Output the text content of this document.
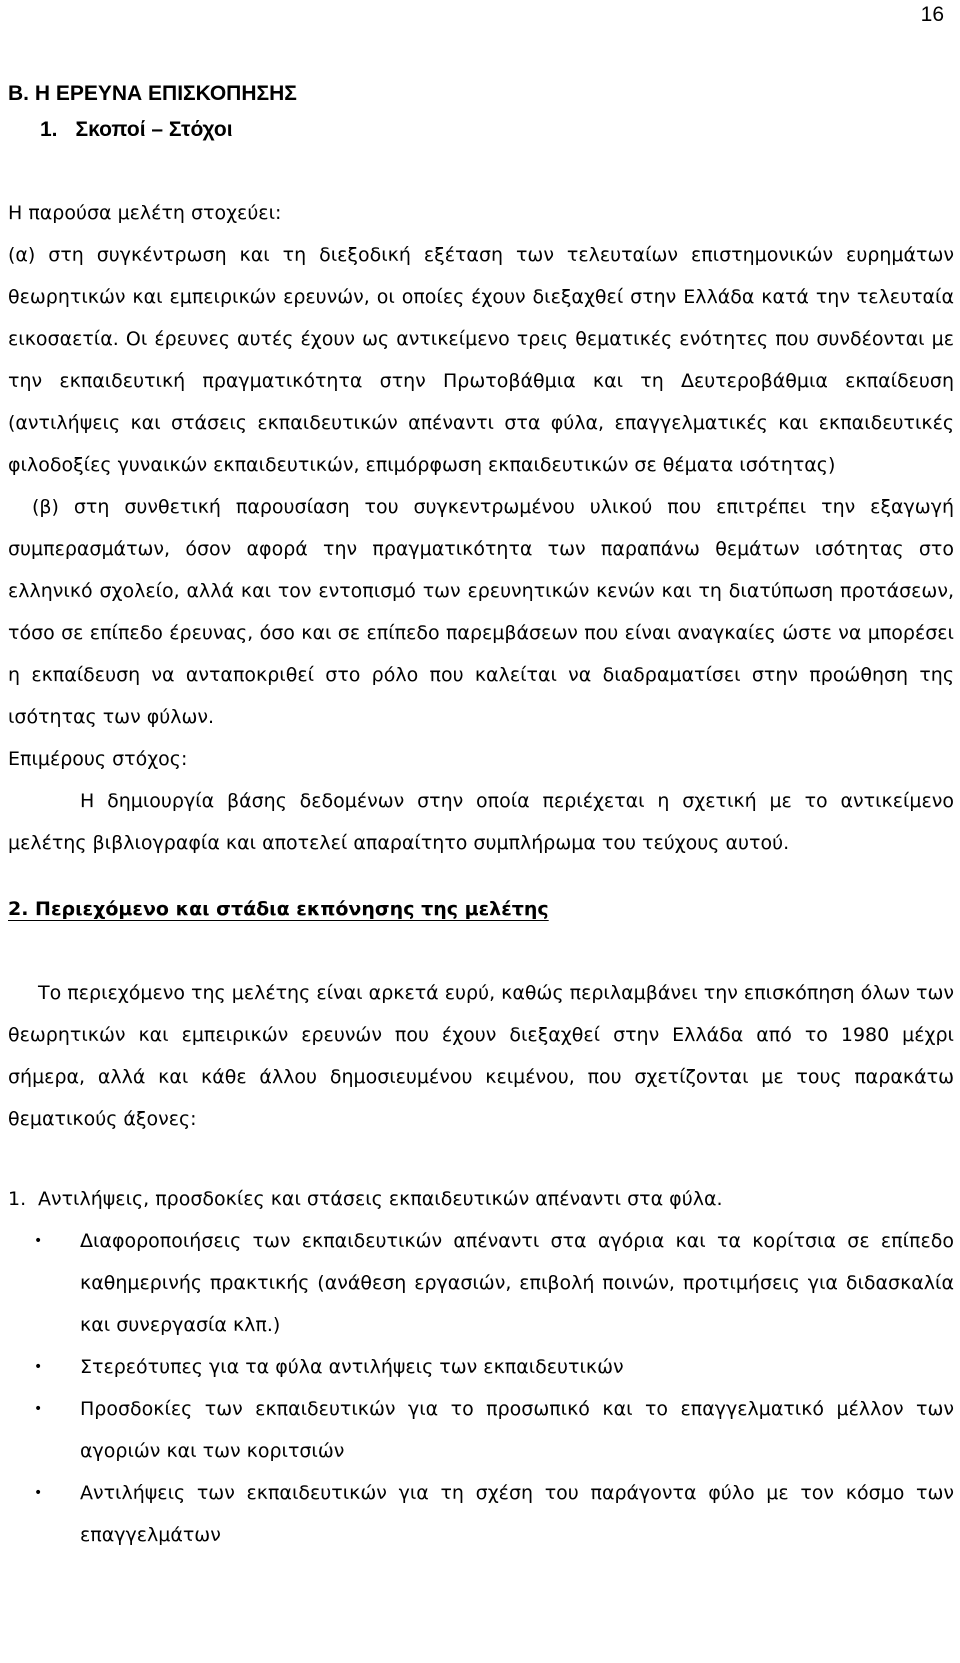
16
B. Η ΕΡΕΥΝΑ ΕΠΙΣΚΟΠΗΣΗΣ
1. Σκοποί – Στόχοι

Η παρούσα μελέτη στοχεύει:

(α) στη συγκέντρωση και τη διεξοδική εξέταση των τελευταίων επιστημονικών ευρημάτων θεωρητικών και εμπειρικών ερευνών, οι οποίες έχουν διεξαχθεί στην Ελλάδα κατά την τελευταία εικοσαετία. Οι έρευνες αυτές έχουν ως αντικείμενο τρεις θεματικές ενότητες που συνδέονται με την εκπαιδευτική πραγματικότητα στην Πρωτοβάθμια και τη Δευτεροβάθμια εκπαίδευση (αντιλήψεις και στάσεις εκπαιδευτικών απέναντι στα φύλα, επαγγελματικές και εκπαιδευτικές φιλοδοξίες γυναικών εκπαιδευτικών, επιμόρφωση εκπαιδευτικών σε θέματα ισότητας)

(β) στη συνθετική παρουσίαση του συγκεντρωμένου υλικού που επιτρέπει την εξαγωγή συμπερασμάτων, όσον αφορά την πραγματικότητα των παραπάνω θεμάτων ισότητας στο ελληνικό σχολείο, αλλά και τον εντοπισμό των ερευνητικών κενών και τη διατύπωση προτάσεων, τόσο σε επίπεδο έρευνας, όσο και σε επίπεδο παρεμβάσεων που είναι αναγκαίες ώστε να μπορέσει η εκπαίδευση να ανταποκριθεί στο ρόλο που καλείται να διαδραματίσει στην προώθηση της ισότητας των φύλων.

Επιμέρους στόχος:

Η δημιουργία βάσης δεδομένων στην οποία περιέχεται η σχετική με το αντικείμενο μελέτης βιβλιογραφία και αποτελεί απαραίτητο συμπλήρωμα του τεύχους αυτού.

2. Περιεχόμενο και στάδια εκπόνησης της μελέτης

Το περιεχόμενο της μελέτης είναι αρκετά ευρύ, καθώς περιλαμβάνει την επισκόπηση όλων των θεωρητικών και εμπειρικών ερευνών που έχουν διεξαχθεί στην Ελλάδα από το 1980 μέχρι σήμερα, αλλά και κάθε άλλου δημοσιευμένου κειμένου, που σχετίζονται με τους παρακάτω θεματικούς άξονες:

1. Αντιλήψεις, προσδοκίες και στάσεις εκπαιδευτικών απέναντι στα φύλα.
• Διαφοροποιήσεις των εκπαιδευτικών απέναντι στα αγόρια και τα κορίτσια σε επίπεδο καθημερινής πρακτικής (ανάθεση εργασιών, επιβολή ποινών, προτιμήσεις για διδασκαλία και συνεργασία κλπ.)
• Στερεότυπες για τα φύλα αντιλήψεις των εκπαιδευτικών
• Προσδοκίες των εκπαιδευτικών για το προσωπικό και το επαγγελματικό μέλλον των αγοριών και των κοριτσιών
• Αντιλήψεις των εκπαιδευτικών για τη σχέση του παράγοντα φύλο με τον κόσμο των επαγγελμάτων
